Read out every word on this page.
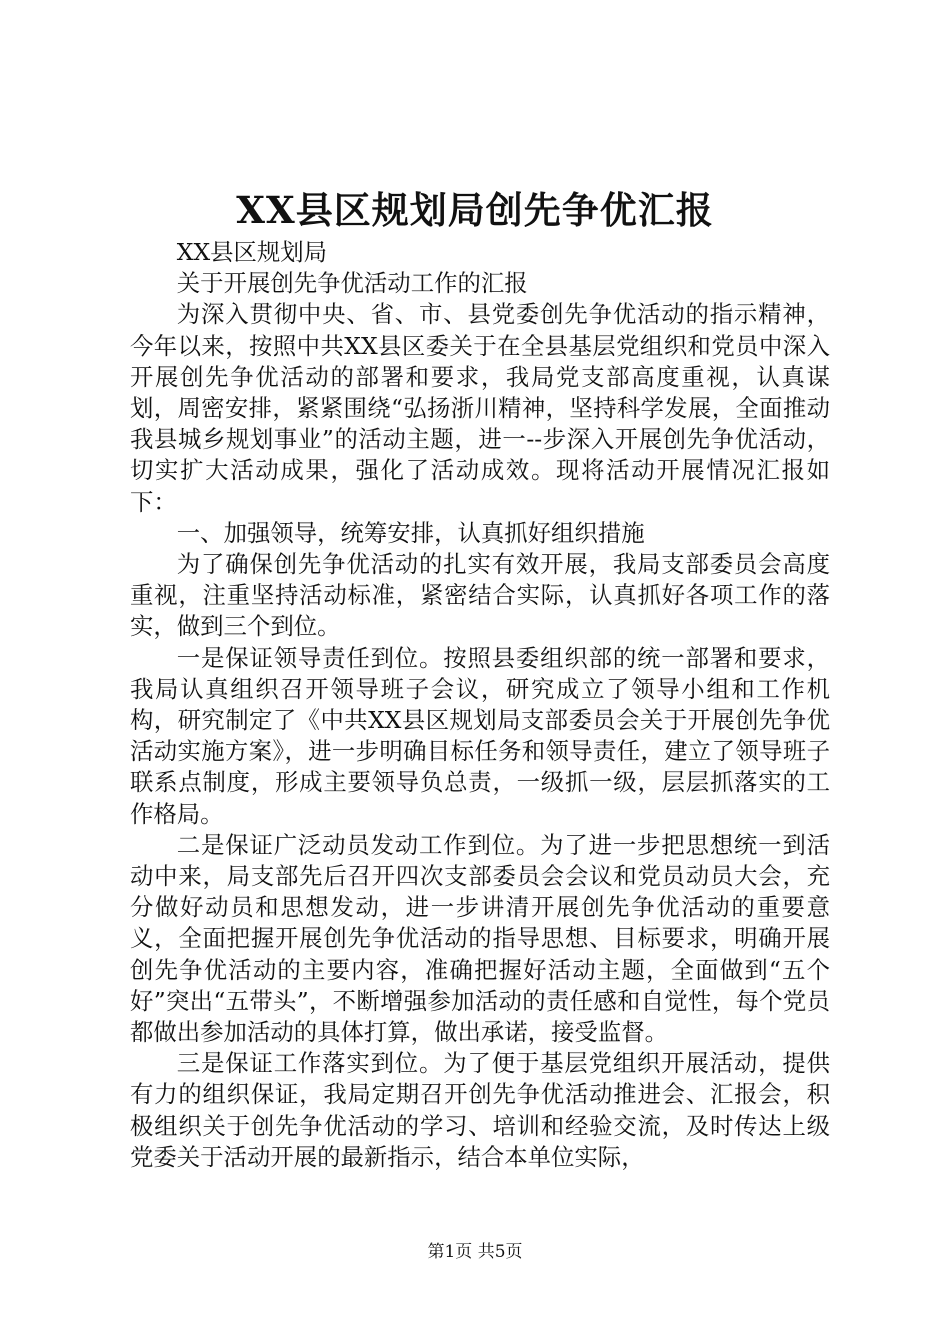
XX县区规划局创先争优汇报

XX县区规划局

关于开展创先争优活动工作的汇报

为深入贯彻中央、省、市、县党委创先争优活动的指示精神，今年以来，按照中共XX县区委关于在全县基层党组织和党员中深入开展创先争优活动的部署和要求，我局党支部高度重视，认真谋划，周密安排，紧紧围绕“弘扬浙川精神，坚持科学发展，全面推动我县城乡规划事业”的活动主题，进一--步深入开展创先争优活动，切实扩大活动成果，强化了活动成效。现将活动开展情况汇报如下：

一、加强领导，统筹安排，认真抓好组织措施

为了确保创先争优活动的扎实有效开展，我局支部委员会高度重视，注重坚持活动标准，紧密结合实际，认真抓好各项工作的落实，做到三个到位。

一是保证领导责任到位。按照县委组织部的统一部署和要求，我局认真组织召开领导班子会议，研究成立了领导小组和工作机构，研究制定了《中共XX县区规划局支部委员会关于开展创先争优活动实施方案》，进一步明确目标任务和领导责任，建立了领导班子联系点制度，形成主要领导负总责，一级抓一级，层层抓落实的工作格局。

二是保证广泛动员发动工作到位。为了进一步把思想统一到活动中来，局支部先后召开四次支部委员会会议和党员动员大会，充分做好动员和思想发动，进一步讲清开展创先争优活动的重要意义，全面把握开展创先争优活动的指导思想、目标要求，明确开展创先争优活动的主要内容，准确把握好活动主题，全面做到“五个好”突出“五带头”，不断增强参加活动的责任感和自觉性，每个党员都做出参加活动的具体打算，做出承诺，接受监督。

三是保证工作落实到位。为了便于基层党组织开展活动，提供有力的组织保证，我局定期召开创先争优活动推进会、汇报会，积极组织关于创先争优活动的学习、培训和经验交流，及时传达上级党委关于活动开展的最新指示，结合本单位实际，

第1页 共5页
